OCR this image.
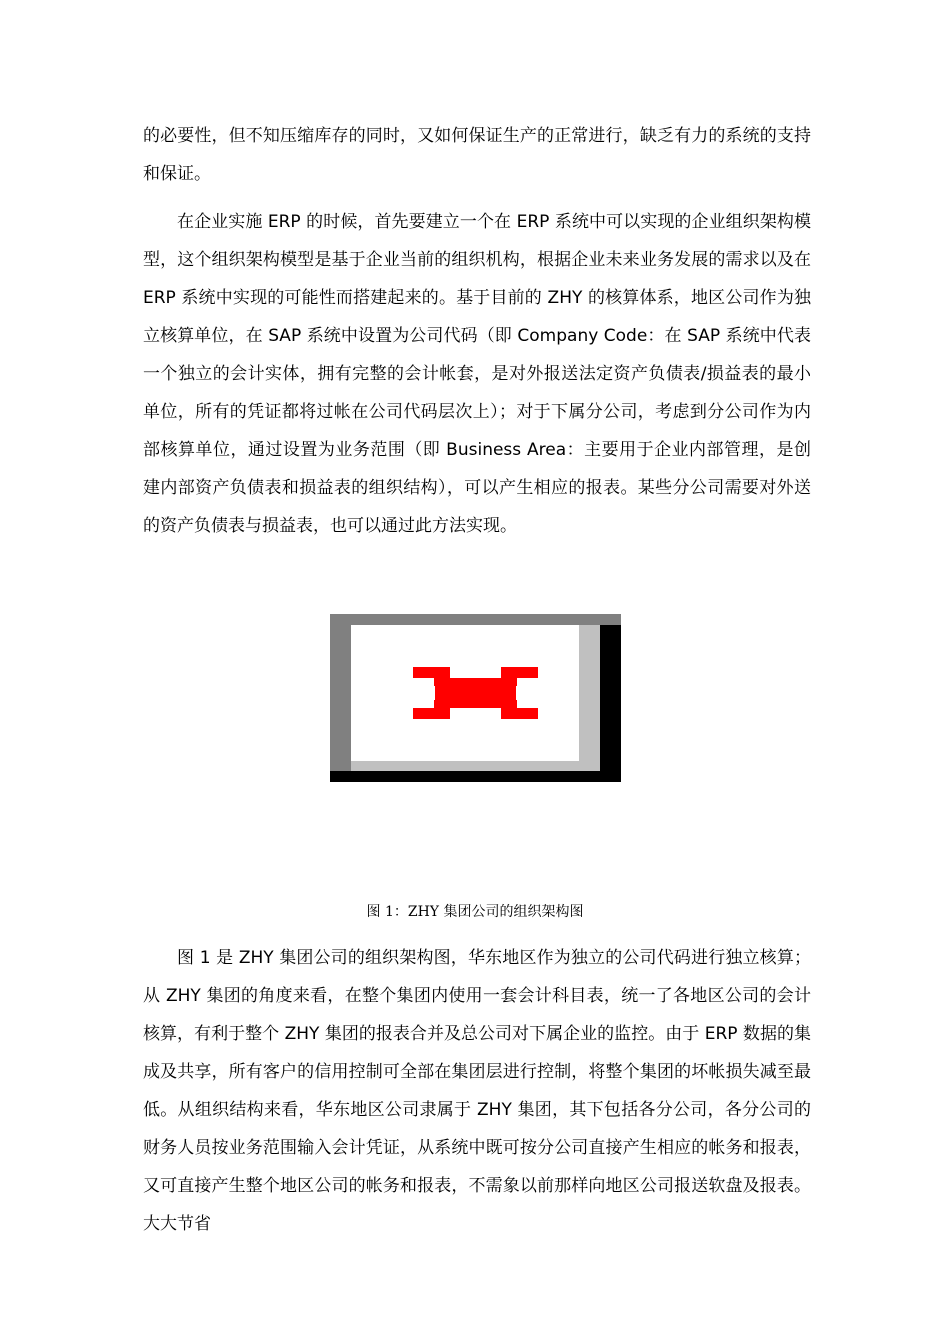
的必要性，但不知压缩库存的同时，又如何保证生产的正常进行，缺乏有力的系统的支持和保证。

在企业实施 ERP 的时候，首先要建立一个在 ERP 系统中可以实现的企业组织架构模型，这个组织架构模型是基于企业当前的组织机构，根据企业未来业务发展的需求以及在 ERP 系统中实现的可能性而搭建起来的。基于目前的 ZHY 的核算体系，地区公司作为独立核算单位，在 SAP 系统中设置为公司代码（即 Company Code：在 SAP 系统中代表一个独立的会计实体，拥有完整的会计帐套，是对外报送法定资产负债表/损益表的最小单位，所有的凭证都将过帐在公司代码层次上）；对于下属分公司，考虑到分公司作为内部核算单位，通过设置为业务范围（即 Business Area：主要用于企业内部管理，是创建内部资产负债表和损益表的组织结构），可以产生相应的报表。某些分公司需要对外送的资产负债表与损益表，也可以通过此方法实现。

图 1：ZHY 集团公司的组织架构图

图 1 是 ZHY 集团公司的组织架构图，华东地区作为独立的公司代码进行独立核算；从 ZHY 集团的角度来看，在整个集团内使用一套会计科目表，统一了各地区公司的会计核算，有利于整个 ZHY 集团的报表合并及总公司对下属企业的监控。由于 ERP 数据的集成及共享，所有客户的信用控制可全部在集团层进行控制，将整个集团的坏帐损失减至最低。从组织结构来看，华东地区公司隶属于 ZHY 集团，其下包括各分公司，各分公司的财务人员按业务范围输入会计凭证，从系统中既可按分公司直接产生相应的帐务和报表，又可直接产生整个地区公司的帐务和报表，不需象以前那样向地区公司报送软盘及报表。大大节省
